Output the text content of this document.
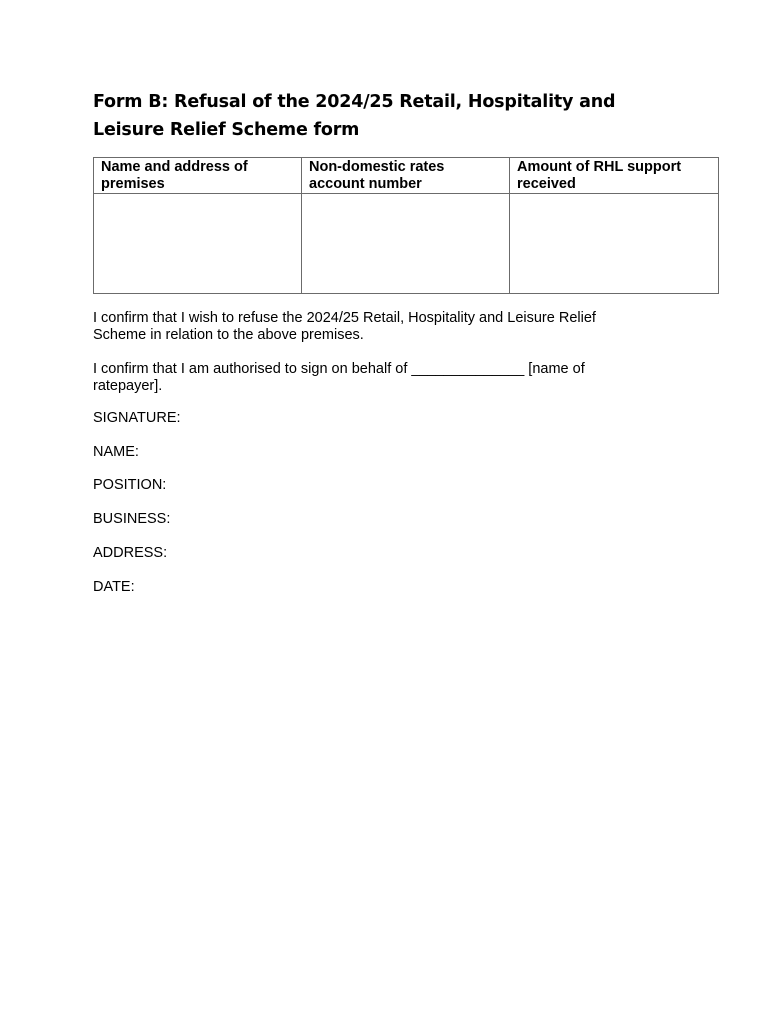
Form B: Refusal of the 2024/25 Retail, Hospitality and Leisure Relief Scheme form
Name and address of premises	Non-domestic rates account number	Amount of RHL support received

I confirm that I wish to refuse the 2024/25 Retail, Hospitality and Leisure Relief Scheme in relation to the above premises.

I confirm that I am authorised to sign on behalf of ______________ [name of ratepayer].

SIGNATURE:

NAME:

POSITION:

BUSINESS:

ADDRESS:

DATE:
